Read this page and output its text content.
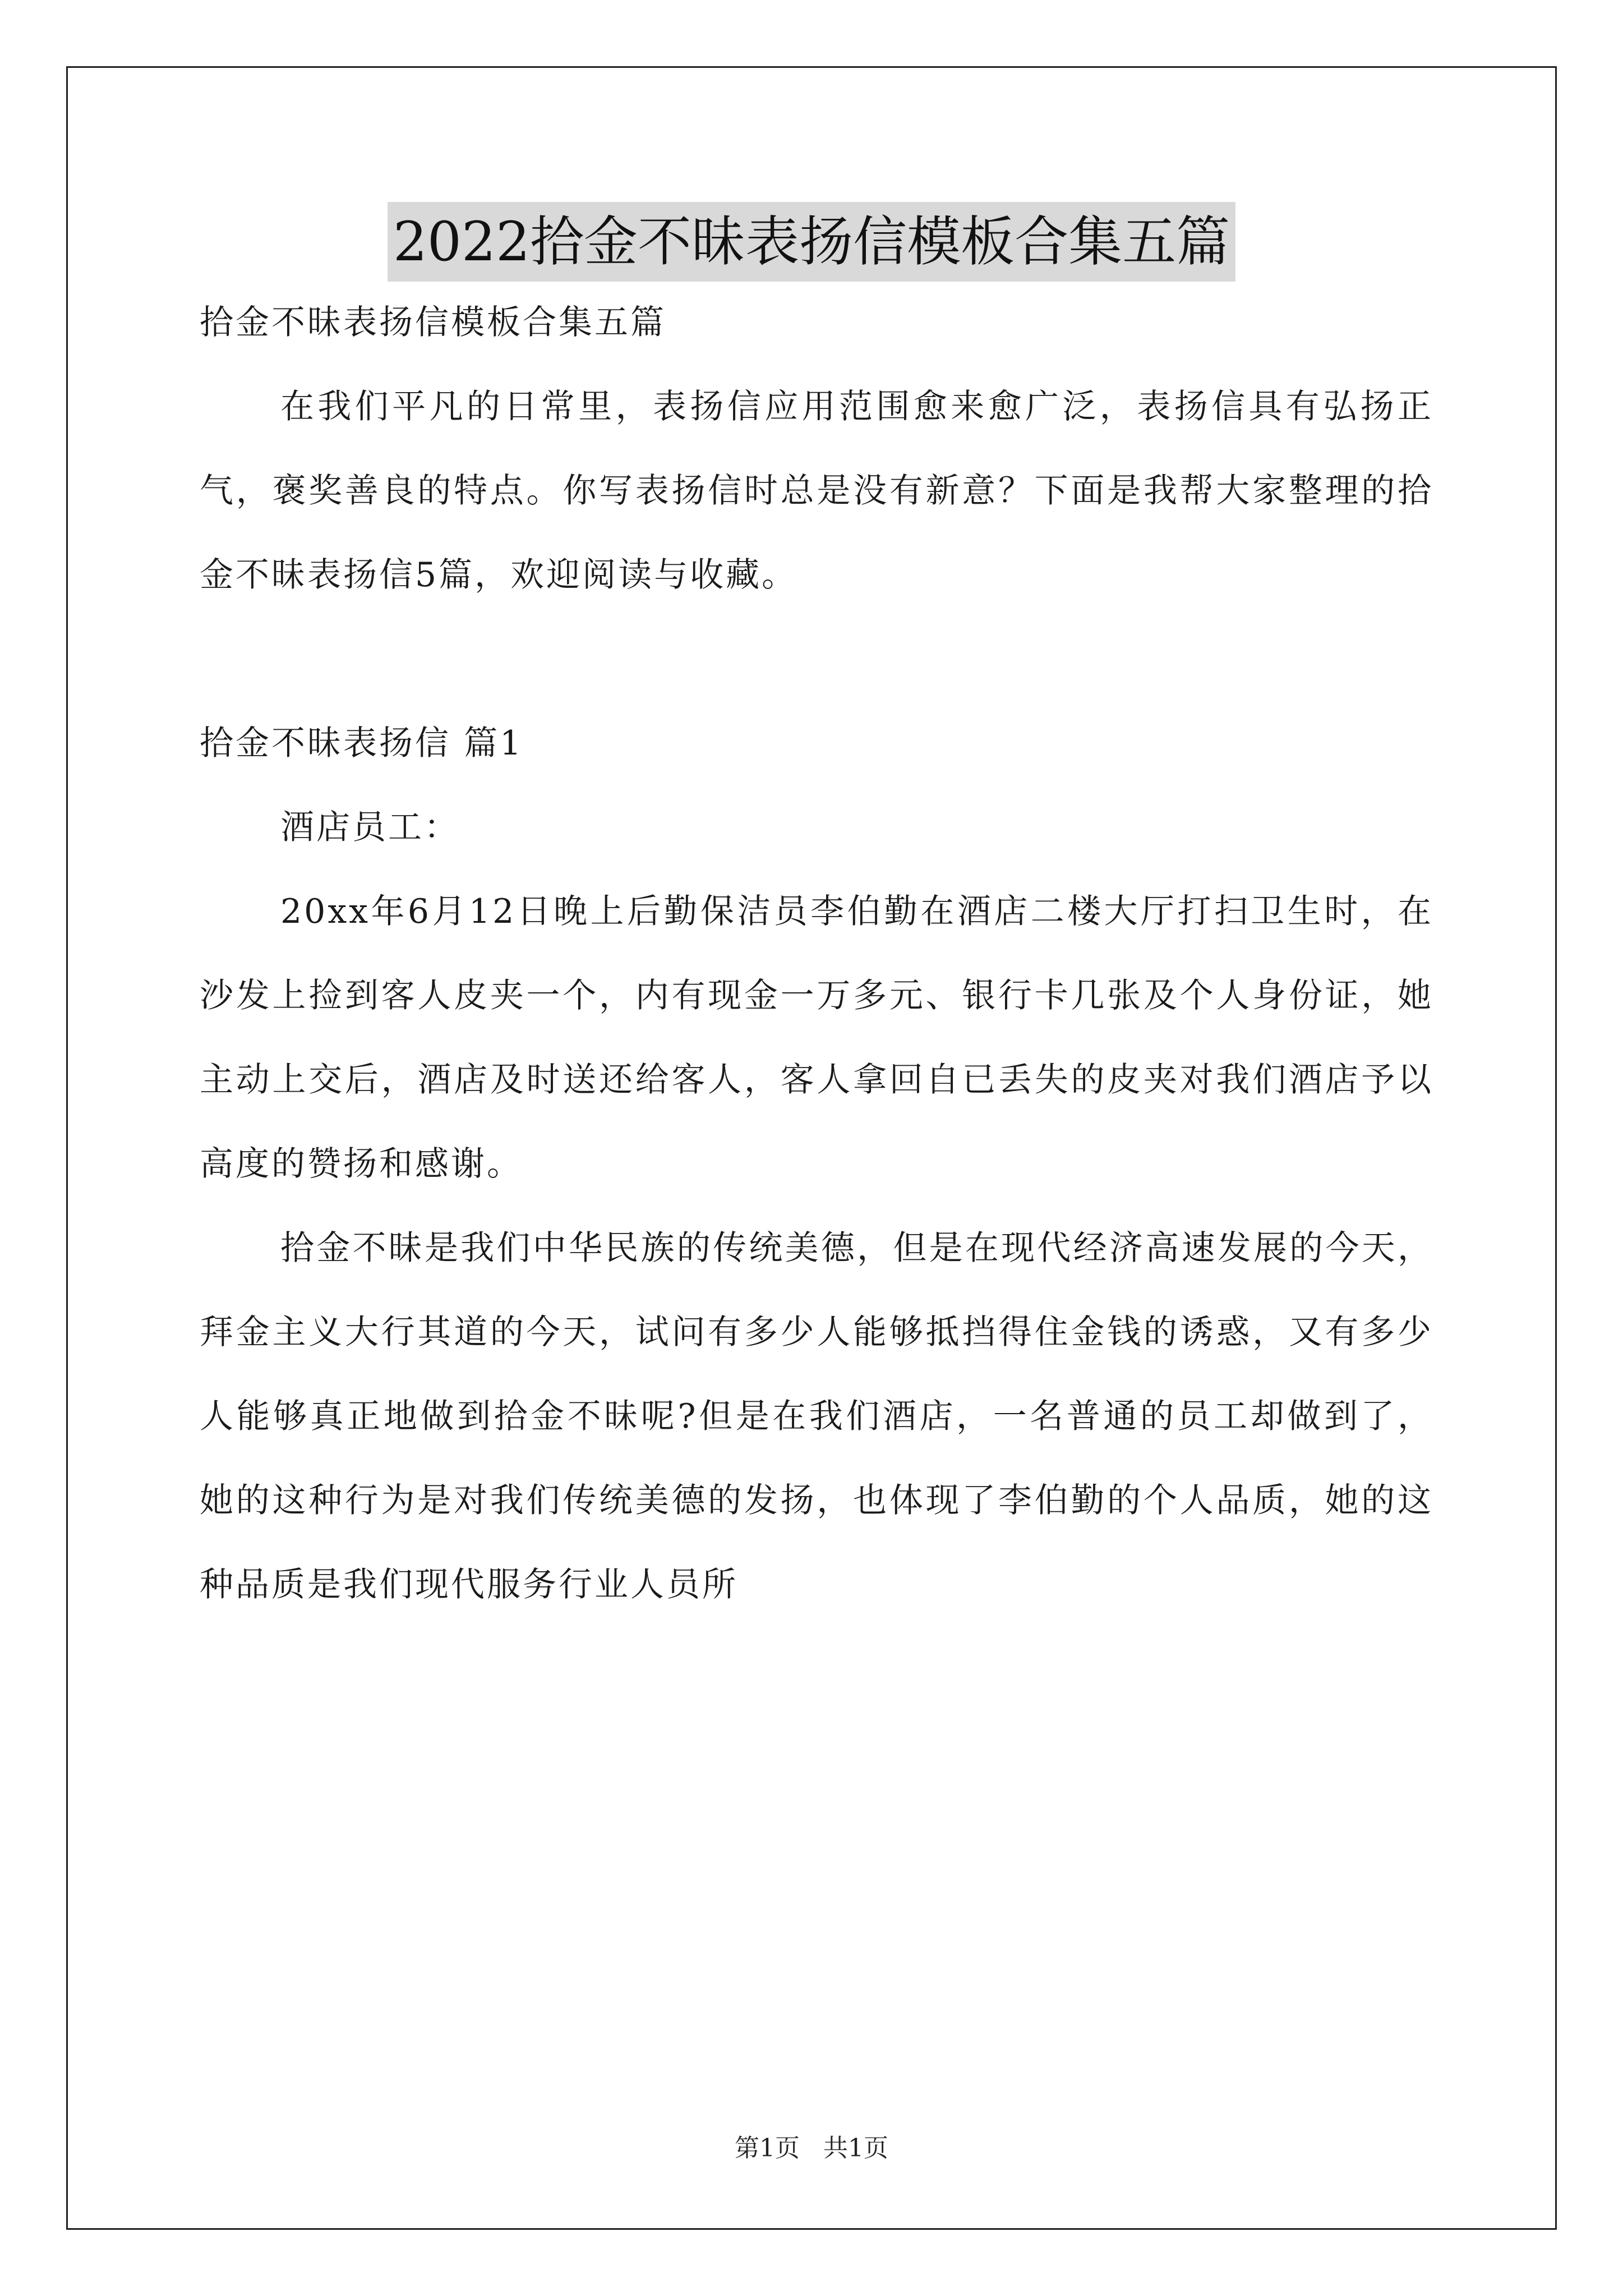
2022拾金不昧表扬信模板合集五篇

拾金不昧表扬信模板合集五篇

在我们平凡的日常里，表扬信应用范围愈来愈广泛，表扬信具有弘扬正气，褒奖善良的特点。你写表扬信时总是没有新意？下面是我帮大家整理的拾金不昧表扬信5篇，欢迎阅读与收藏。

拾金不昧表扬信 篇1

酒店员工：

20xx年6月12日晚上后勤保洁员李伯勤在酒店二楼大厅打扫卫生时，在沙发上捡到客人皮夹一个，内有现金一万多元、银行卡几张及个人身份证，她主动上交后，酒店及时送还给客人，客人拿回自已丢失的皮夹对我们酒店予以高度的赞扬和感谢。

拾金不昧是我们中华民族的传统美德，但是在现代经济高速发展的今天，拜金主义大行其道的今天，试问有多少人能够抵挡得住金钱的诱惑，又有多少人能够真正地做到拾金不昧呢?但是在我们酒店，一名普通的员工却做到了，她的这种行为是对我们传统美德的发扬，也体现了李伯勤的个人品质，她的这种品质是我们现代服务行业人员所

第1页   共1页
